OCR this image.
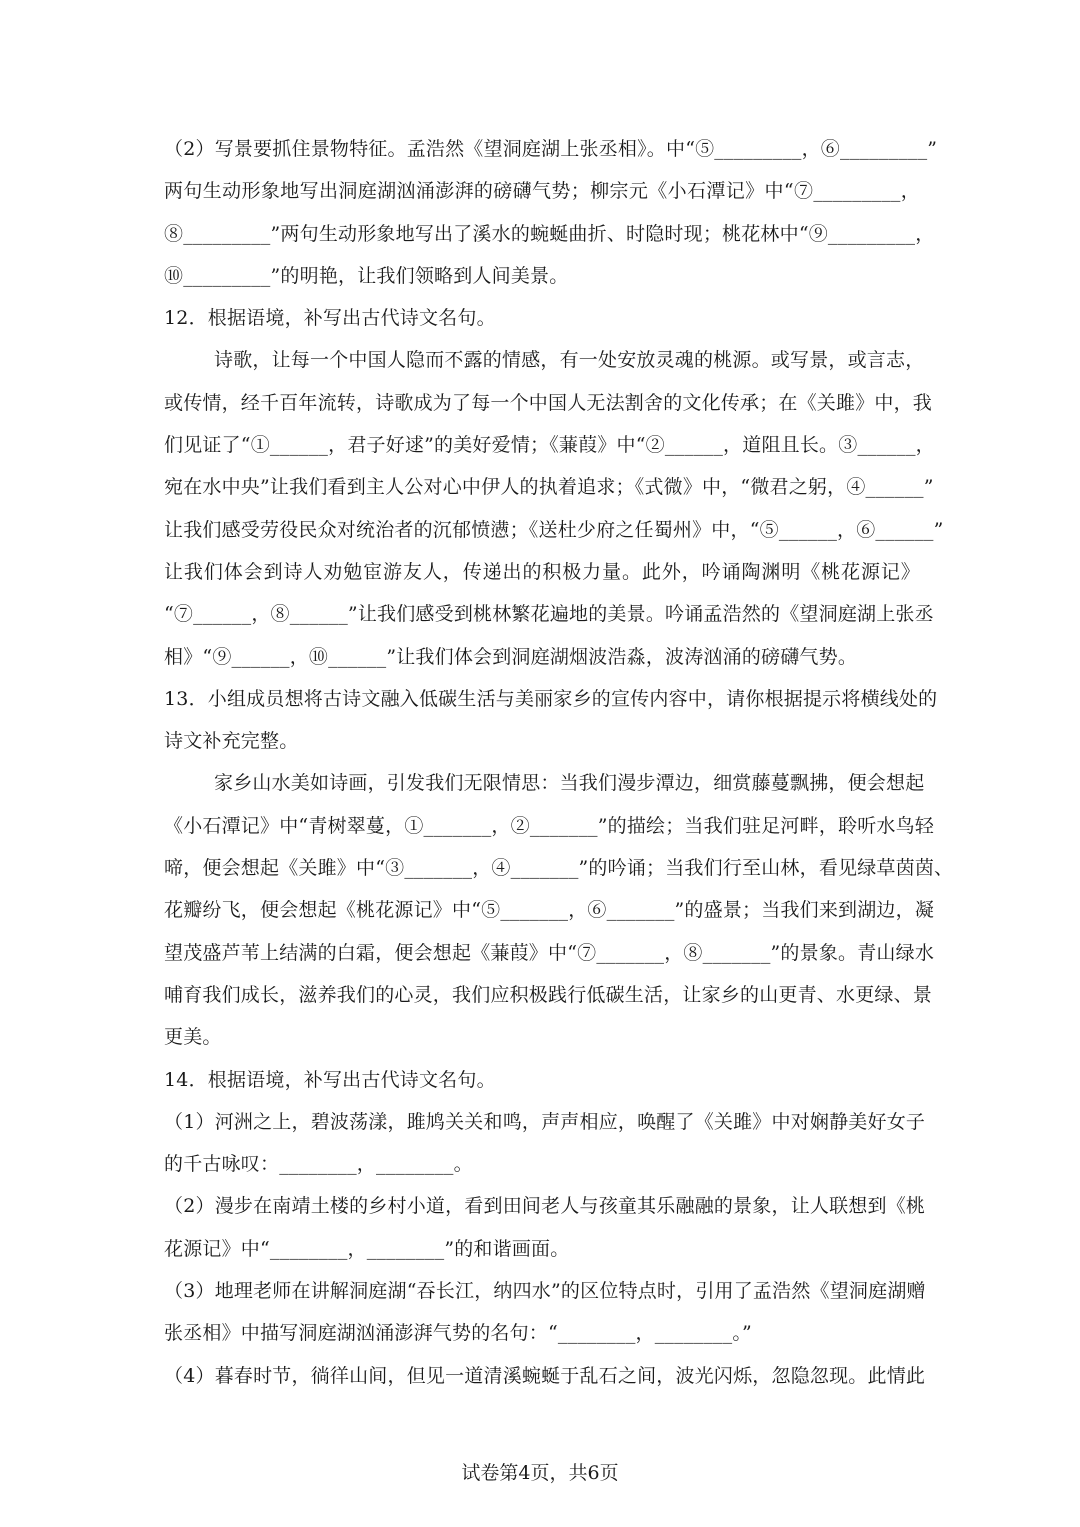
（2）写景要抓住景物特征。孟浩然《望洞庭湖上张丞相》。中“⑤_________，⑥_________”
两句生动形象地写出洞庭湖汹涌澎湃的磅礴气势；柳宗元《小石潭记》中“⑦_________，
⑧_________”两句生动形象地写出了溪水的蜿蜒曲折、时隐时现；桃花林中“⑨_________，
⑩_________”的明艳，让我们领略到人间美景。
12．根据语境，补写出古代诗文名句。
诗歌，让每一个中国人隐而不露的情感，有一处安放灵魂的桃源。或写景，或言志，
或传情，经千百年流转，诗歌成为了每一个中国人无法割舍的文化传承；在《关雎》中，我
们见证了“①______，君子好逑”的美好爱情；《蒹葭》中“②______，道阻且长。③______，
宛在水中央”让我们看到主人公对心中伊人的执着追求；《式微》中，“微君之躬，④______”
让我们感受劳役民众对统治者的沉郁愤懑；《送杜少府之任蜀州》中，“⑤______，⑥______”
让我们体会到诗人劝勉宦游友人，传递出的积极力量。此外，吟诵陶渊明《桃花源记》
“⑦______，⑧______”让我们感受到桃林繁花遍地的美景。吟诵孟浩然的《望洞庭湖上张丞
相》“⑨______，⑩______”让我们体会到洞庭湖烟波浩淼，波涛汹涌的磅礴气势。
13．小组成员想将古诗文融入低碳生活与美丽家乡的宣传内容中，请你根据提示将横线处的
诗文补充完整。
家乡山水美如诗画，引发我们无限情思：当我们漫步潭边，细赏藤蔓飘拂，便会想起
《小石潭记》中“青树翠蔓，①_______，②_______”的描绘；当我们驻足河畔，聆听水鸟轻
啼，便会想起《关雎》中“③_______，④_______”的吟诵；当我们行至山林，看见绿草茵茵、
花瓣纷飞，便会想起《桃花源记》中“⑤_______，⑥_______”的盛景；当我们来到湖边，凝
望茂盛芦苇上结满的白霜，便会想起《蒹葭》中“⑦_______，⑧_______”的景象。青山绿水
哺育我们成长，滋养我们的心灵，我们应积极践行低碳生活，让家乡的山更青、水更绿、景
更美。
14．根据语境，补写出古代诗文名句。
（1）河洲之上，碧波荡漾，雎鸠关关和鸣，声声相应，唤醒了《关雎》中对娴静美好女子
的千古咏叹：________，________。
（2）漫步在南靖土楼的乡村小道，看到田间老人与孩童其乐融融的景象，让人联想到《桃
花源记》中“________，________”的和谐画面。
（3）地理老师在讲解洞庭湖“吞长江，纳四水”的区位特点时，引用了孟浩然《望洞庭湖赠
张丞相》中描写洞庭湖汹涌澎湃气势的名句：“________，________。”
（4）暮春时节，徜徉山间，但见一道清溪蜿蜒于乱石之间，波光闪烁，忽隐忽现。此情此
试卷第4页，共6页
